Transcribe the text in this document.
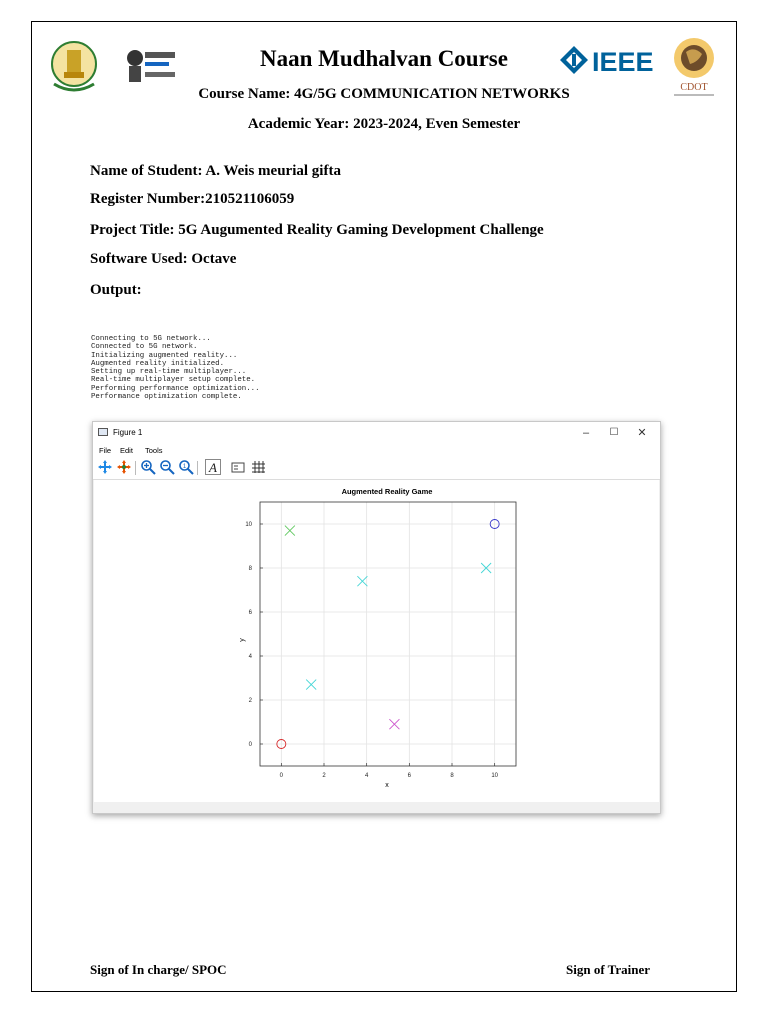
IEEE
CDOT
Naan Mudhalvan Course
Course Name: 4G/5G COMMUNICATION NETWORKS
Academic Year: 2023-2024, Even Semester
Name of Student: A. Weis meurial gifta
Register Number:210521106059
Project Title: 5G Augumented Reality Gaming Development Challenge
Software Used: Octave
Output:
Connecting to 5G network...
Connected to 5G network.
Initializing augmented reality...
Augmented reality initialized.
Setting up real-time multiplayer...
Real-time multiplayer setup complete.
Performing performance optimization...
Performance optimization complete.
Figure 1	–	☐	✕
File Edit Tools
1 A
0	2	4	6	8	10
0
2
4
6
8
10
Augmented Reality Game
x
y
Sign of In charge/ SPOC	Sign of Trainer
